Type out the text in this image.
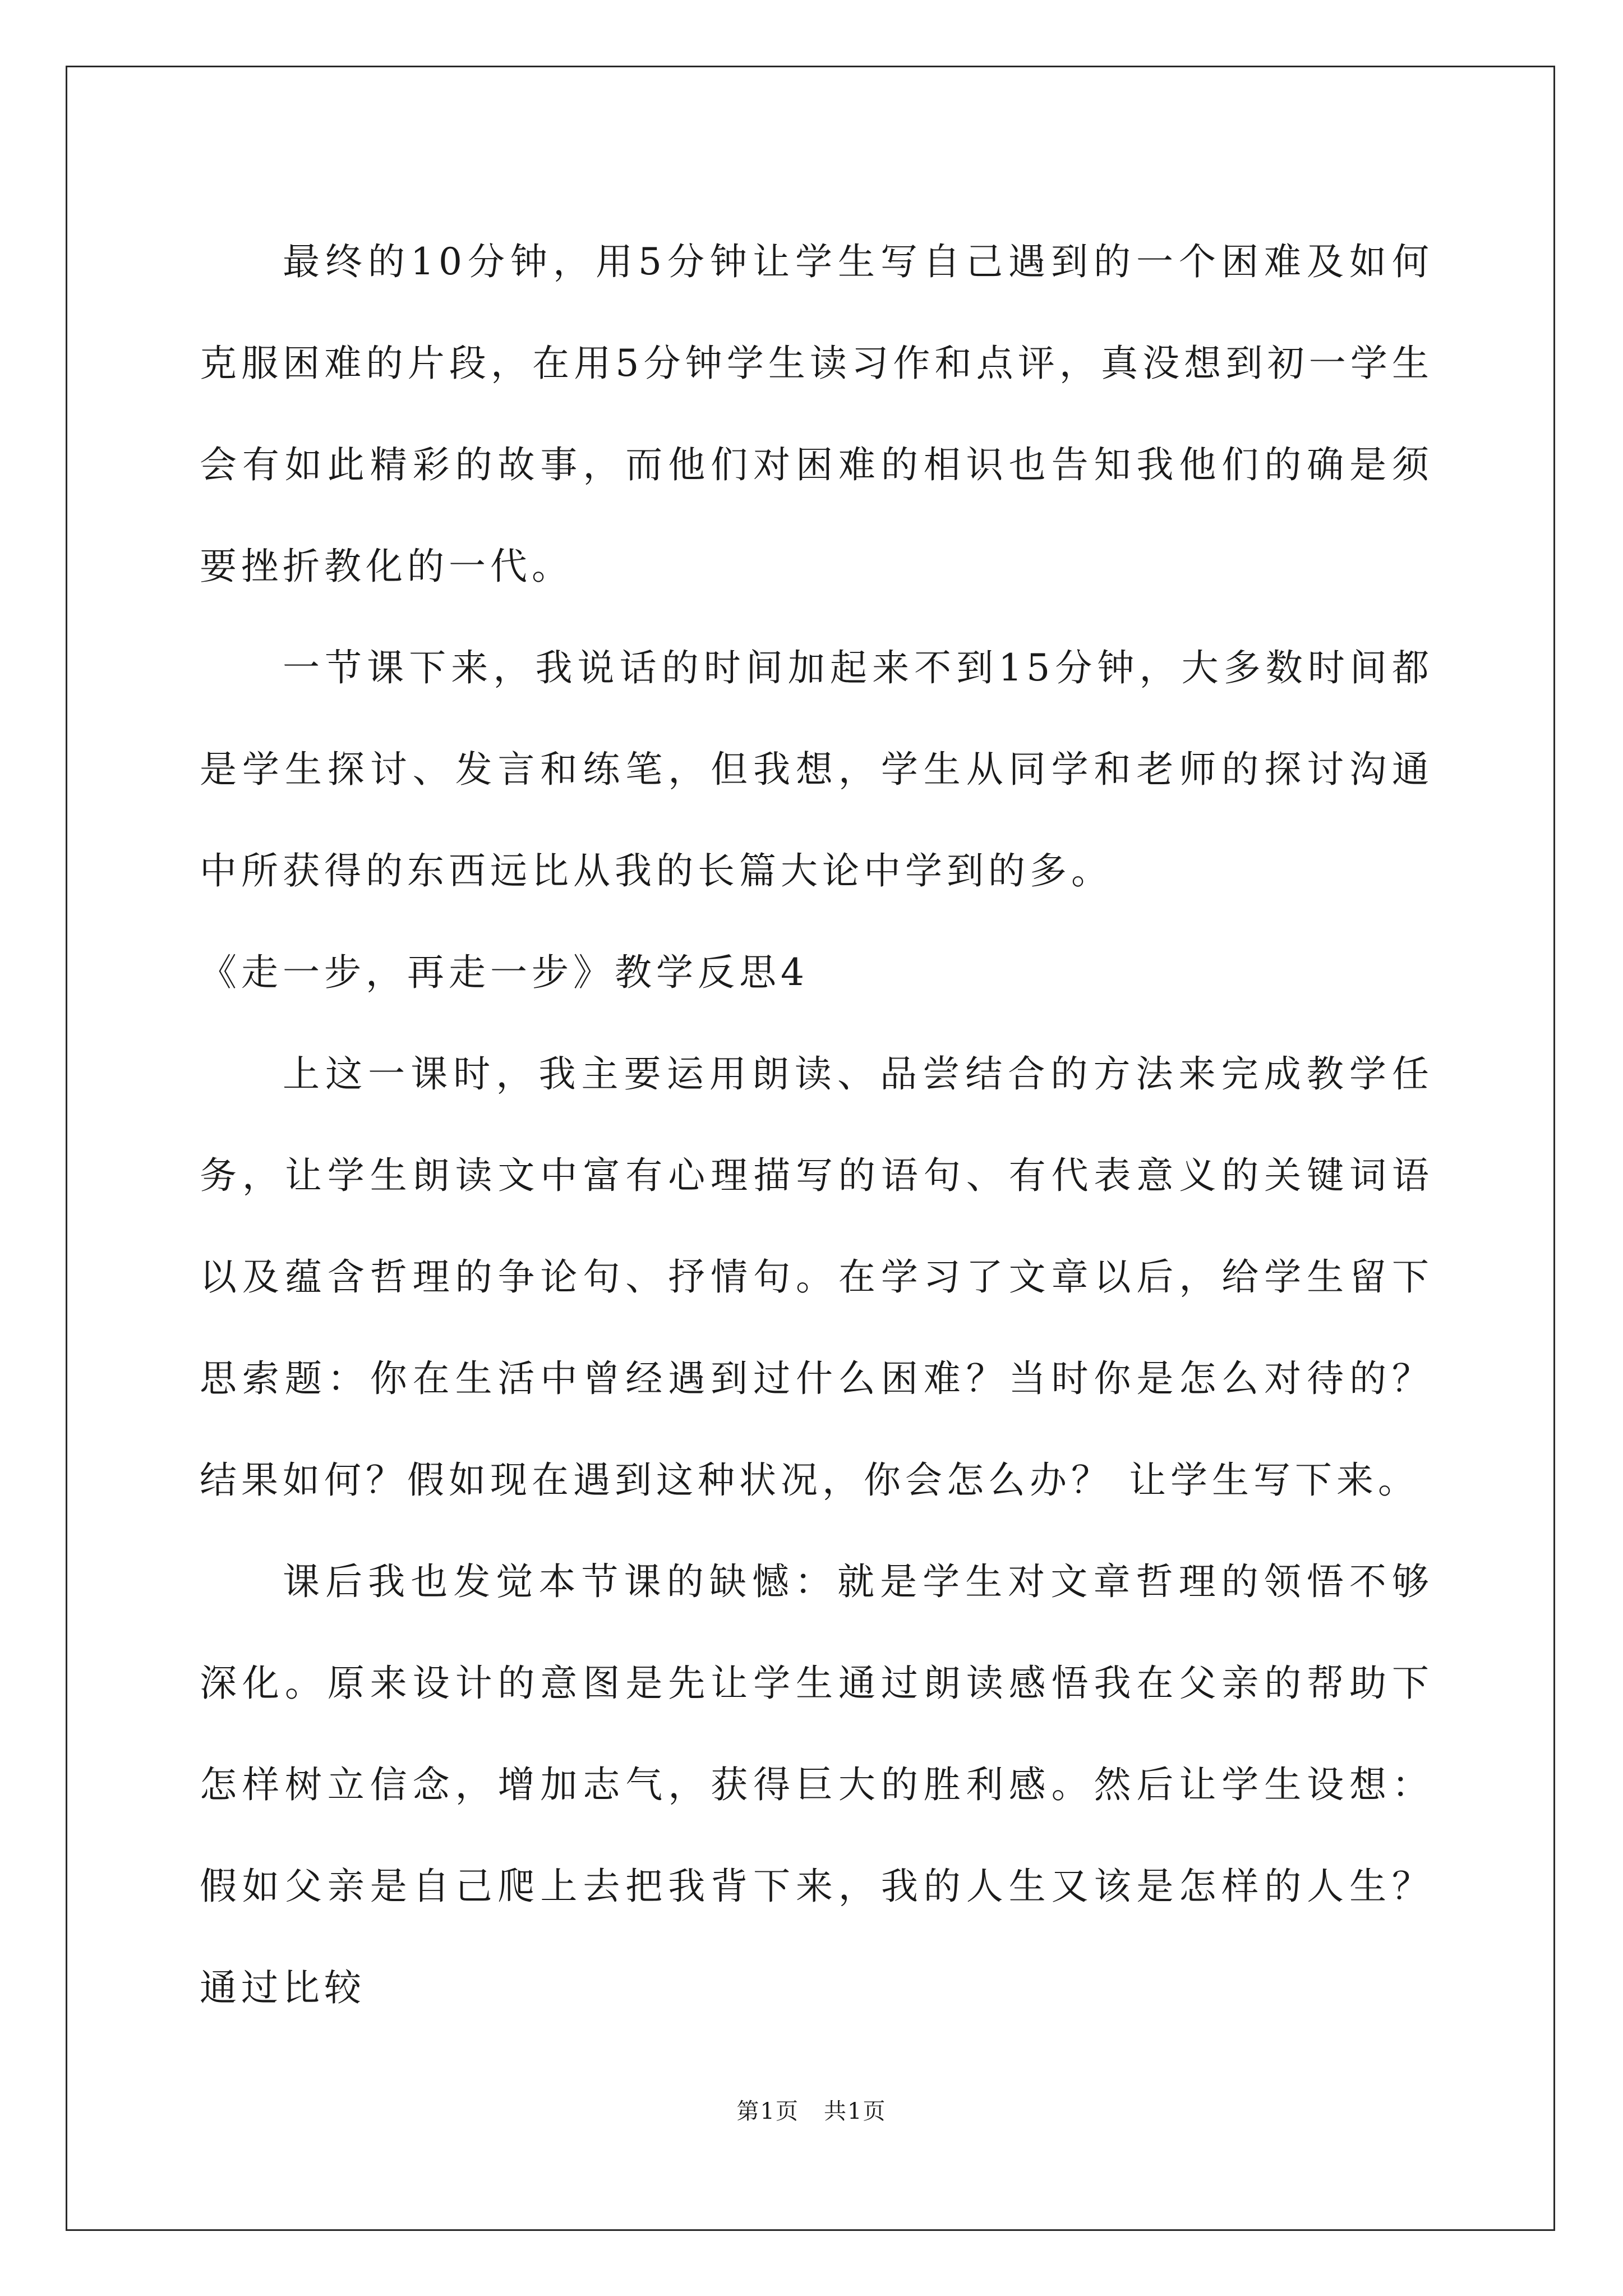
最终的10分钟，用5分钟让学生写自己遇到的一个困难及如何克服困难的片段，在用5分钟学生读习作和点评，真没想到初一学生会有如此精彩的故事，而他们对困难的相识也告知我他们的确是须要挫折教化的一代。

一节课下来，我说话的时间加起来不到15分钟，大多数时间都是学生探讨、发言和练笔，但我想，学生从同学和老师的探讨沟通中所获得的东西远比从我的长篇大论中学到的多。

《走一步，再走一步》教学反思4

上这一课时，我主要运用朗读、品尝结合的方法来完成教学任务，让学生朗读文中富有心理描写的语句、有代表意义的关键词语以及蕴含哲理的争论句、抒情句。在学习了文章以后，给学生留下思索题：你在生活中曾经遇到过什么困难？当时你是怎么对待的？结果如何？假如现在遇到这种状况，你会怎么办？ 让学生写下来。

课后我也发觉本节课的缺憾：就是学生对文章哲理的领悟不够深化。原来设计的意图是先让学生通过朗读感悟我在父亲的帮助下怎样树立信念，增加志气，获得巨大的胜利感。然后让学生设想：假如父亲是自己爬上去把我背下来，我的人生又该是怎样的人生？通过比较

第1页 共1页
